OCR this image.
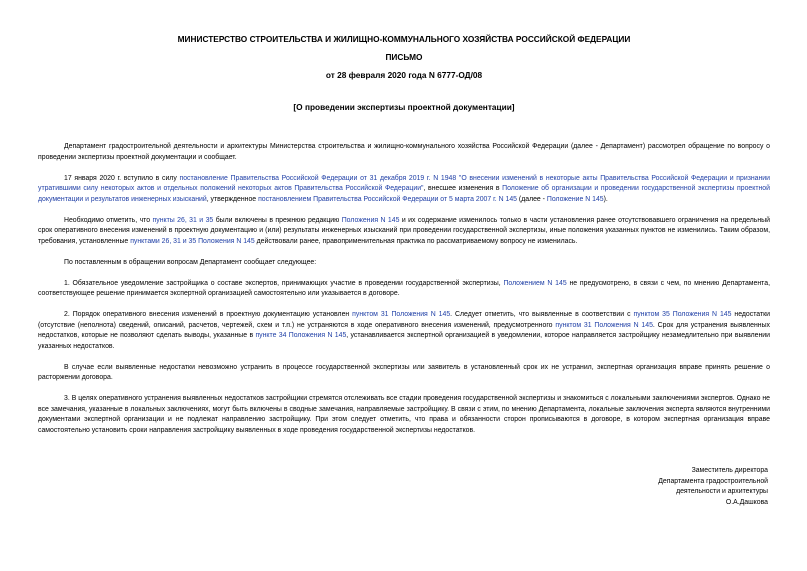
МИНИСТЕРСТВО СТРОИТЕЛЬСТВА И ЖИЛИЩНО-КОММУНАЛЬНОГО ХОЗЯЙСТВА РОССИЙСКОЙ ФЕДЕРАЦИИ

ПИСЬМО

от 28 февраля 2020 года N 6777-ОД/08

[О проведении экспертизы проектной документации]

Департамент градостроительной деятельности и архитектуры Министерства строительства и жилищно-коммунального хозяйства Российской Федерации (далее - Департамент) рассмотрел обращение по вопросу о проведении экспертизы проектной документации и сообщает.

17 января 2020 г. вступило в силу постановление Правительства Российской Федерации от 31 декабря 2019 г. N 1948 "О внесении изменений в некоторые акты Правительства Российской Федерации и признании утратившими силу некоторых актов и отдельных положений некоторых актов Правительства Российской Федерации", внесшее изменения в Положение об организации и проведении государственной экспертизы проектной документации и результатов инженерных изысканий, утвержденное постановлением Правительства Российской Федерации от 5 марта 2007 г. N 145 (далее - Положение N 145).

Необходимо отметить, что пункты 26, 31 и 35 были включены в прежнюю редакцию Положения N 145 и их содержание изменилось только в части установления ранее отсутствовавшего ограничения на предельный срок оперативного внесения изменений в проектную документацию и (или) результаты инженерных изысканий при проведении государственной экспертизы, иные положения указанных пунктов не изменились. Таким образом, требования, установленные пунктами 26, 31 и 35 Положения N 145 действовали ранее, правоприменительная практика по рассматриваемому вопросу не изменилась.

По поставленным в обращении вопросам Департамент сообщает следующее:

1. Обязательное уведомление застройщика о составе экспертов, принимающих участие в проведении государственной экспертизы, Положением N 145 не предусмотрено, в связи с чем, по мнению Департамента, соответствующее решение принимается экспертной организацией самостоятельно или указывается в договоре.

2. Порядок оперативного внесения изменений в проектную документацию установлен пунктом 31 Положения N 145. Следует отметить, что выявленные в соответствии с пунктом 35 Положения N 145 недостатки (отсутствие (неполнота) сведений, описаний, расчетов, чертежей, схем и т.п.) не устраняются в ходе оперативного внесения изменений, предусмотренного пунктом 31 Положения N 145. Срок для устранения выявленных недостатков, которые не позволяют сделать выводы, указанные в пункте 34 Положения N 145, устанавливается экспертной организацией в уведомлении, которое направляется застройщику незамедлительно при выявлении указанных недостатков.

В случае если выявленные недостатки невозможно устранить в процессе государственной экспертизы или заявитель в установленный срок их не устранил, экспертная организация вправе принять решение о расторжении договора.

3. В целях оперативного устранения выявленных недостатков застройщики стремятся отслеживать все стадии проведения государственной экспертизы и знакомиться с локальными заключениями экспертов. Однако не все замечания, указанные в локальных заключениях, могут быть включены в сводные замечания, направляемые застройщику. В связи с этим, по мнению Департамента, локальные заключения эксперта являются внутренними документами экспертной организации и не подлежат направлению застройщику. При этом следует отметить, что права и обязанности сторон прописываются в договоре, в котором экспертная организация вправе самостоятельно установить сроки направления застройщику выявленных в ходе проведения государственной экспертизы недостатков.

Заместитель директора
Департамента градостроительной
деятельности и архитектуры
О.А.Дашкова
